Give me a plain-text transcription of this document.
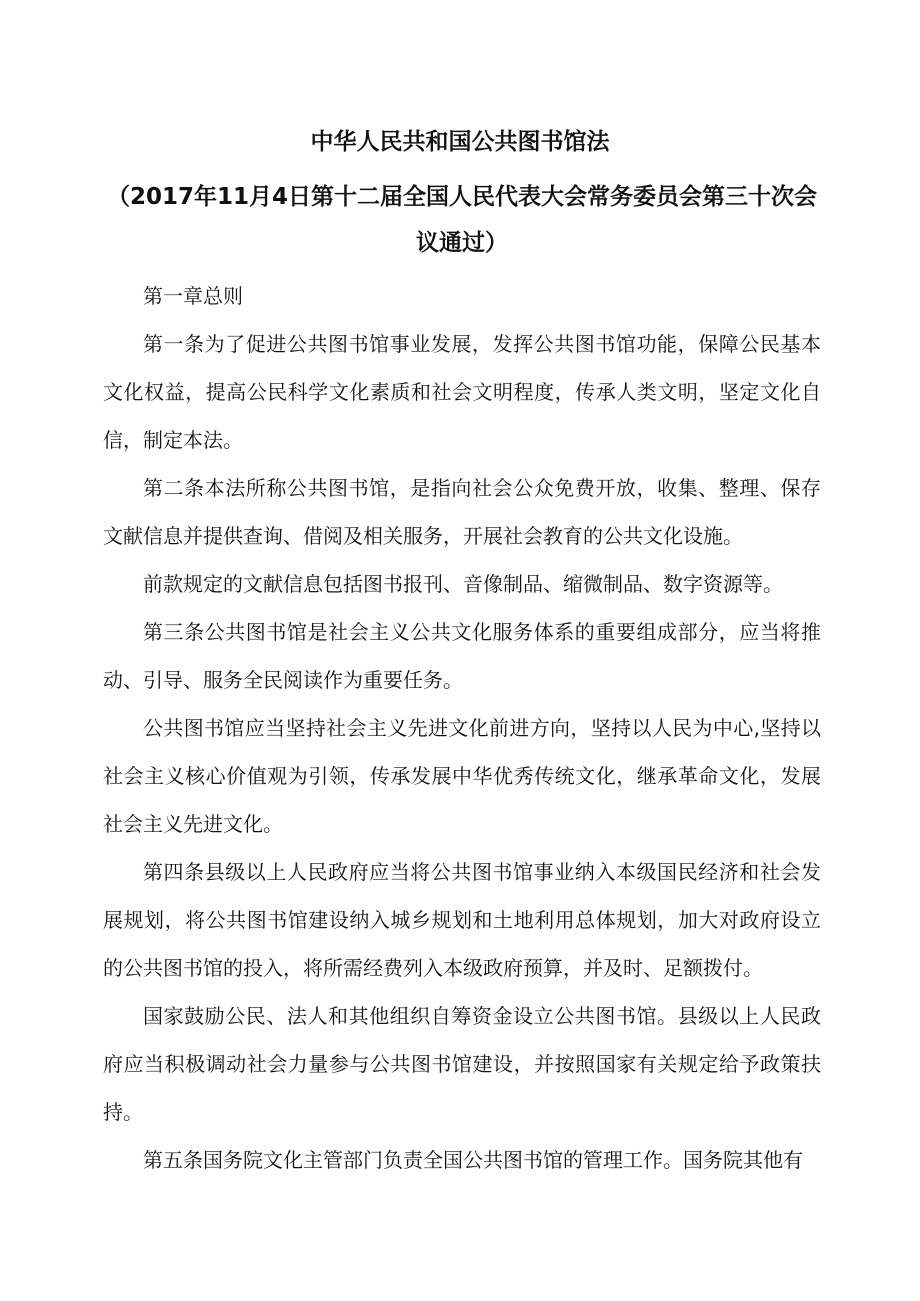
中华人民共和国公共图书馆法
（2017年11月4日第十二届全国人民代表大会常务委员会第三十次会议通过）

第一章总则

第一条为了促进公共图书馆事业发展，发挥公共图书馆功能，保障公民基本文化权益，提高公民科学文化素质和社会文明程度，传承人类文明，坚定文化自信，制定本法。

第二条本法所称公共图书馆，是指向社会公众免费开放，收集、整理、保存文献信息并提供查询、借阅及相关服务，开展社会教育的公共文化设施。

前款规定的文献信息包括图书报刊、音像制品、缩微制品、数字资源等。

第三条公共图书馆是社会主义公共文化服务体系的重要组成部分，应当将推动、引导、服务全民阅读作为重要任务。

公共图书馆应当坚持社会主义先进文化前进方向，坚持以人民为中心,坚持以社会主义核心价值观为引领，传承发展中华优秀传统文化，继承革命文化，发展社会主义先进文化。

第四条县级以上人民政府应当将公共图书馆事业纳入本级国民经济和社会发展规划，将公共图书馆建设纳入城乡规划和土地利用总体规划，加大对政府设立的公共图书馆的投入，将所需经费列入本级政府预算，并及时、足额拨付。

国家鼓励公民、法人和其他组织自筹资金设立公共图书馆。县级以上人民政府应当积极调动社会力量参与公共图书馆建设，并按照国家有关规定给予政策扶持。

第五条国务院文化主管部门负责全国公共图书馆的管理工作。国务院其他有
